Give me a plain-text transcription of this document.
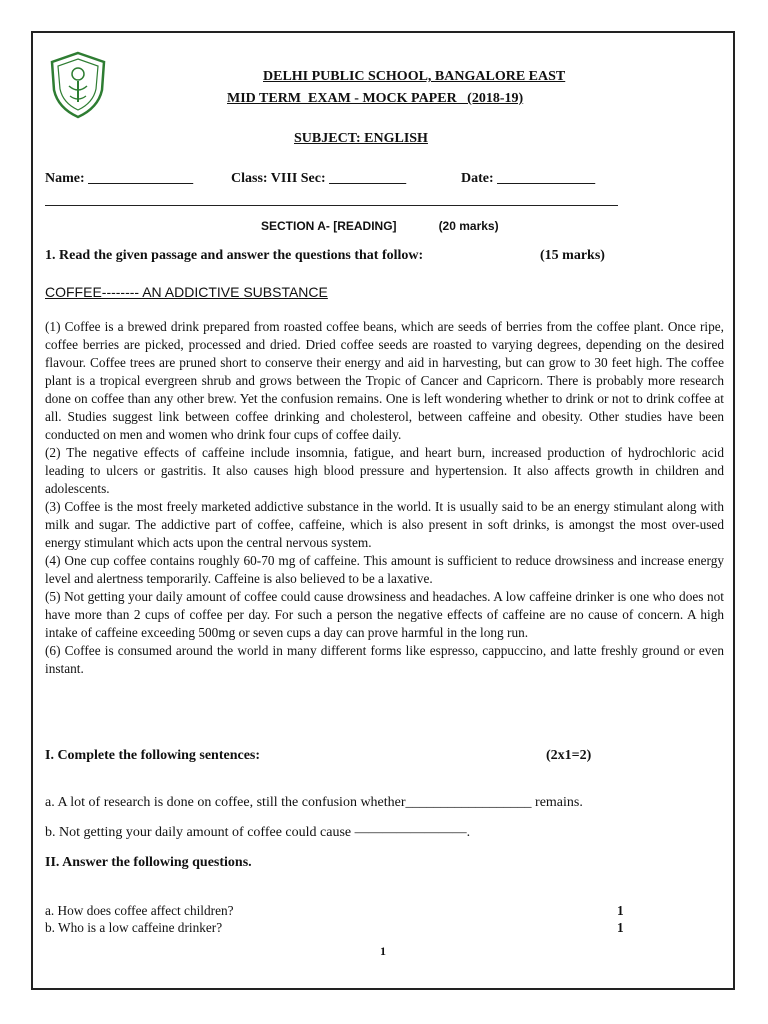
DELHI PUBLIC SCHOOL, BANGALORE EAST
MID TERM  EXAM - MOCK PAPER   (2018-19)
SUBJECT: ENGLISH
Name: _______________	Class: VIII Sec: ___________	Date: ______________
SECTION A- [READING]	(20 marks)
1. Read the given passage and answer the questions that follow:	(15 marks)
COFFEE-------- AN ADDICTIVE SUBSTANCE

(1) Coffee is a brewed drink prepared from roasted coffee beans, which are seeds of berries from the coffee plant. Once ripe, coffee berries are picked, processed and dried. Dried coffee seeds are roasted to varying degrees, depending on the desired flavour. Coffee trees are pruned short to conserve their energy and aid in harvesting, but can grow to 30 feet high. The coffee plant is a tropical evergreen shrub and grows between the Tropic of Cancer and Capricorn. There is probably more research done on coffee than any other brew. Yet the confusion remains. One is left wondering whether to drink or not to drink coffee at all. Studies suggest link between coffee drinking and cholesterol, between caffeine and obesity. Other studies have been conducted on men and women who drink four cups of coffee daily.

(2) The negative effects of caffeine include insomnia, fatigue, and heart burn, increased production of hydrochloric acid leading to ulcers or gastritis. It also causes high blood pressure and hypertension. It also affects growth in children and adolescents.

(3) Coffee is the most freely marketed addictive substance in the world. It is usually said to be an energy stimulant along with milk and sugar. The addictive part of coffee, caffeine, which is also present in soft drinks, is amongst the most over-used energy stimulant which acts upon the central nervous system.

(4) One cup coffee contains roughly 60-70 mg of caffeine. This amount is sufficient to reduce drowsiness and increase energy level and alertness temporarily. Caffeine is also believed to be a laxative.

(5) Not getting your daily amount of coffee could cause drowsiness and headaches. A low caffeine drinker is one who does not have more than 2 cups of coffee per day. For such a person the negative effects of caffeine are no cause of concern. A high intake of caffeine exceeding 500mg or seven cups a day can prove harmful in the long run.

(6) Coffee is consumed around the world in many different forms like espresso, cappuccino, and latte freshly ground or even instant.

I. Complete the following sentences:	(2x1=2)
a. A lot of research is done on coffee, still the confusion whether__________________ remains.
b. Not getting your daily amount of coffee could cause ————————.
II. Answer the following questions.
a. How does coffee affect children?	1
b. Who is a low caffeine drinker?	1
1
